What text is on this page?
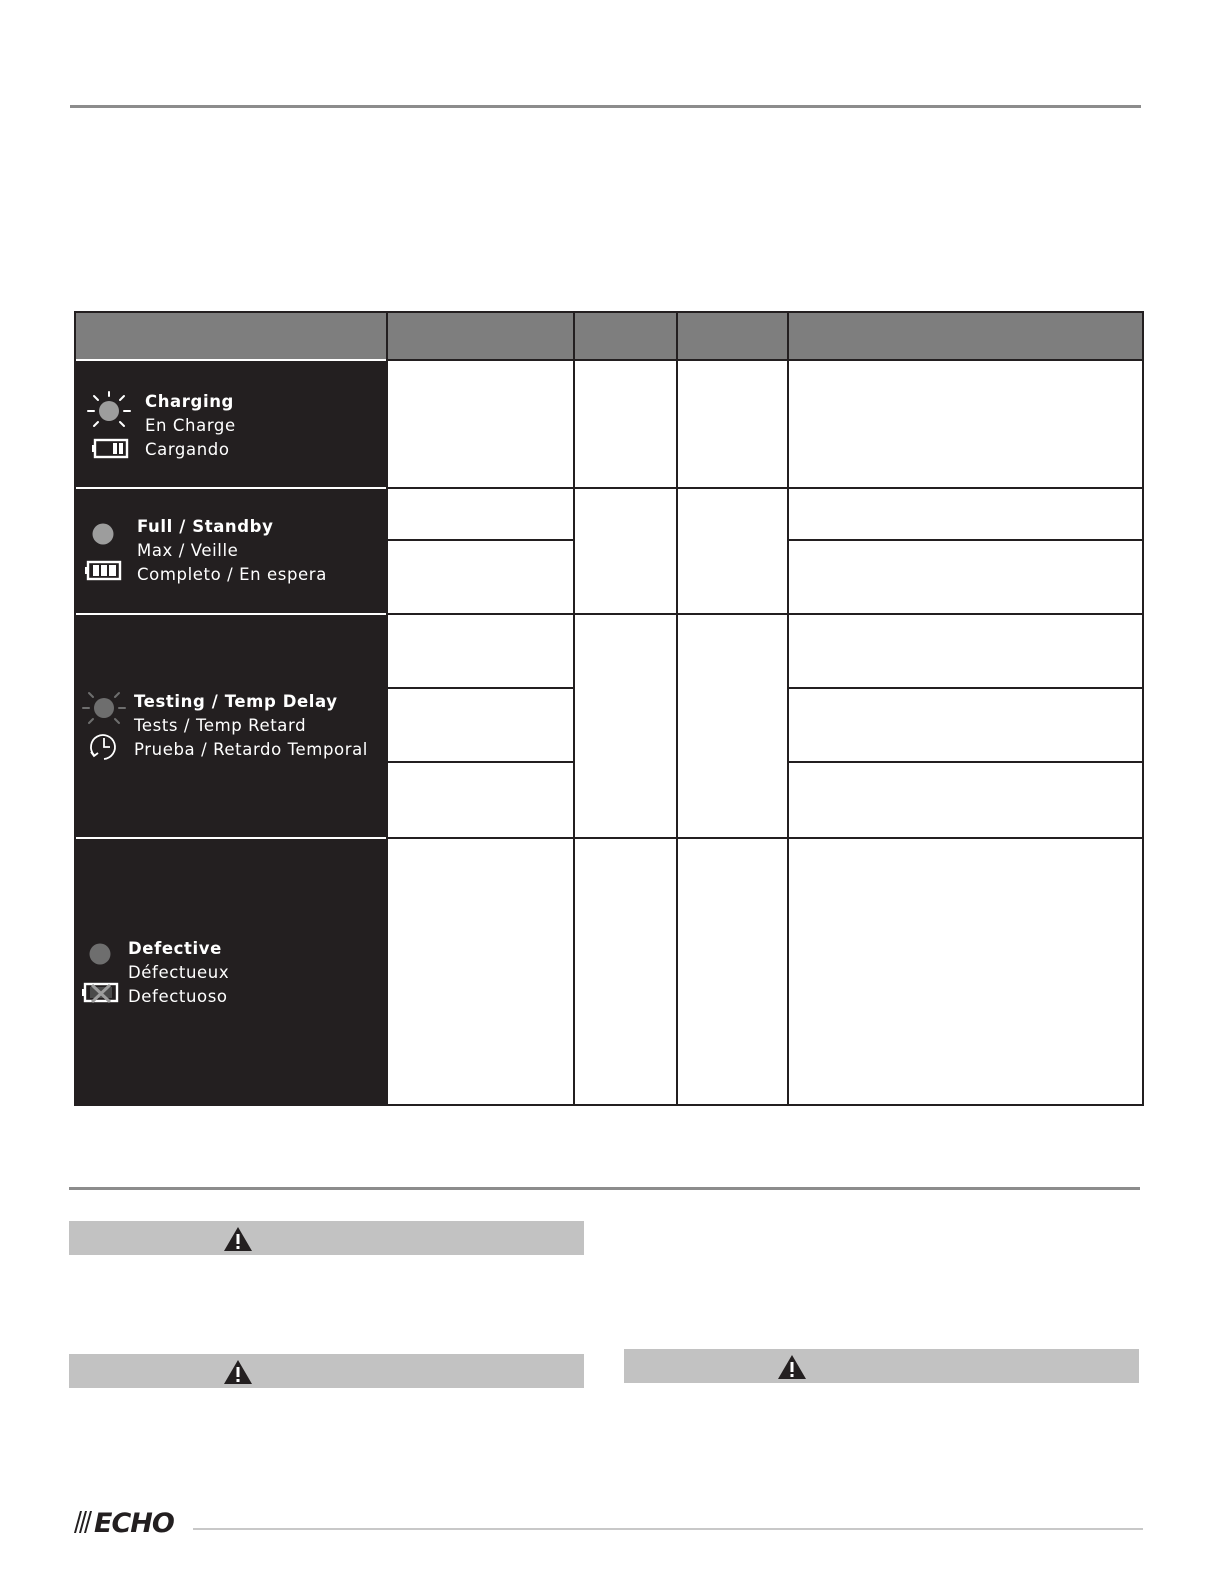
Charging
En Charge
Cargando
Full / Standby
Max / Veille
Completo / En espera
Testing / Temp Delay
Tests / Temp Retard
Prueba / Retardo Temporal
Defective
Défectueux
Defectuoso
ECHO
